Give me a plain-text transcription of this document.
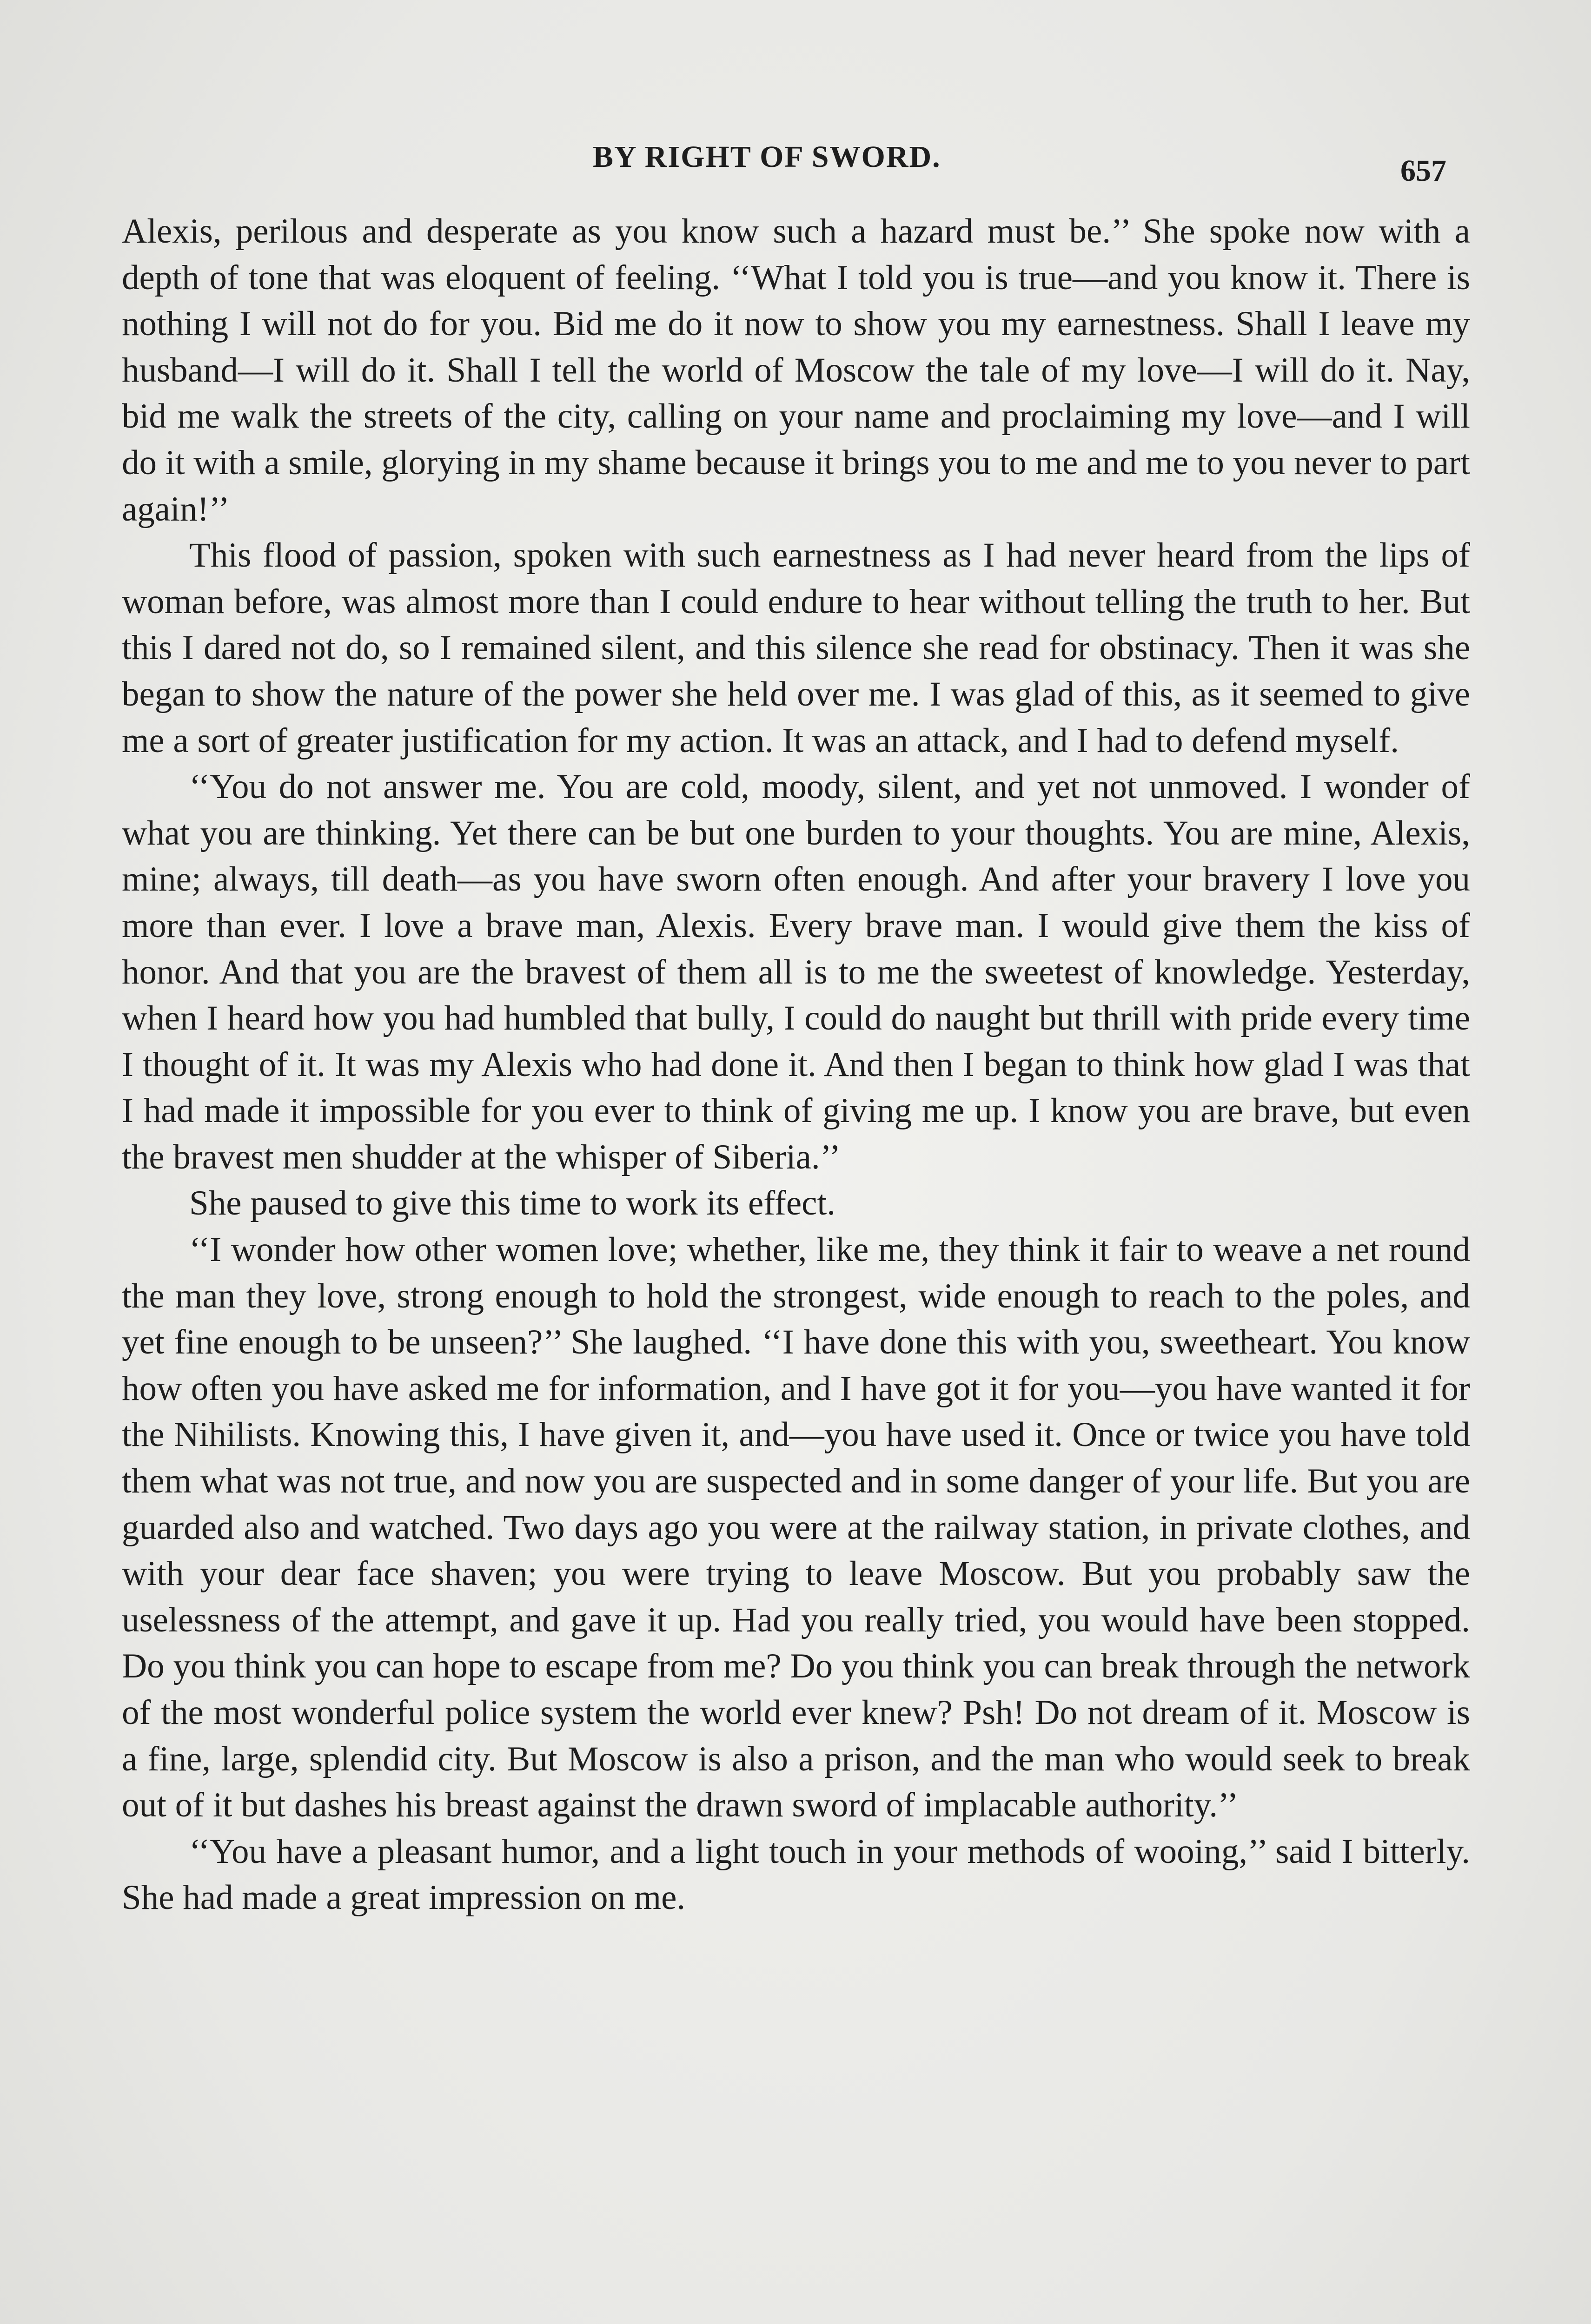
BY RIGHT OF SWORD.	657

Alexis, perilous and desperate as you know such a hazard must be.’’ She spoke now with a depth of tone that was eloquent of feeling. ‘‘What I told you is true—and you know it. There is nothing I will not do for you. Bid me do it now to show you my earnestness. Shall I leave my husband—I will do it. Shall I tell the world of Moscow the tale of my love—I will do it. Nay, bid me walk the streets of the city, calling on your name and proclaiming my love—and I will do it with a smile, glorying in my shame because it brings you to me and me to you never to part again!’’

This flood of passion, spoken with such earnestness as I had never heard from the lips of woman before, was almost more than I could endure to hear without telling the truth to her. But this I dared not do, so I remained silent, and this silence she read for obstinacy. Then it was she began to show the nature of the power she held over me. I was glad of this, as it seemed to give me a sort of greater justification for my action. It was an attack, and I had to defend myself.

‘‘You do not answer me. You are cold, moody, silent, and yet not unmoved. I wonder of what you are thinking. Yet there can be but one burden to your thoughts. You are mine, Alexis, mine; always, till death—as you have sworn often enough. And after your bravery I love you more than ever. I love a brave man, Alexis. Every brave man. I would give them the kiss of honor. And that you are the bravest of them all is to me the sweetest of knowledge. Yesterday, when I heard how you had humbled that bully, I could do naught but thrill with pride every time I thought of it. It was my Alexis who had done it. And then I began to think how glad I was that I had made it impossible for you ever to think of giving me up. I know you are brave, but even the bravest men shudder at the whisper of Siberia.’’

She paused to give this time to work its effect.

‘‘I wonder how other women love; whether, like me, they think it fair to weave a net round the man they love, strong enough to hold the strongest, wide enough to reach to the poles, and yet fine enough to be unseen?’’ She laughed. ‘‘I have done this with you, sweetheart. You know how often you have asked me for information, and I have got it for you—you have wanted it for the Nihilists. Knowing this, I have given it, and—you have used it. Once or twice you have told them what was not true, and now you are suspected and in some danger of your life. But you are guarded also and watched. Two days ago you were at the railway station, in private clothes, and with your dear face shaven; you were trying to leave Moscow. But you probably saw the uselessness of the attempt, and gave it up. Had you really tried, you would have been stopped. Do you think you can hope to escape from me? Do you think you can break through the network of the most wonderful police system the world ever knew? Psh! Do not dream of it. Moscow is a fine, large, splendid city. But Moscow is also a prison, and the man who would seek to break out of it but dashes his breast against the drawn sword of implacable authority.’’

‘‘You have a pleasant humor, and a light touch in your methods of wooing,’’ said I bitterly. She had made a great impression on me.
